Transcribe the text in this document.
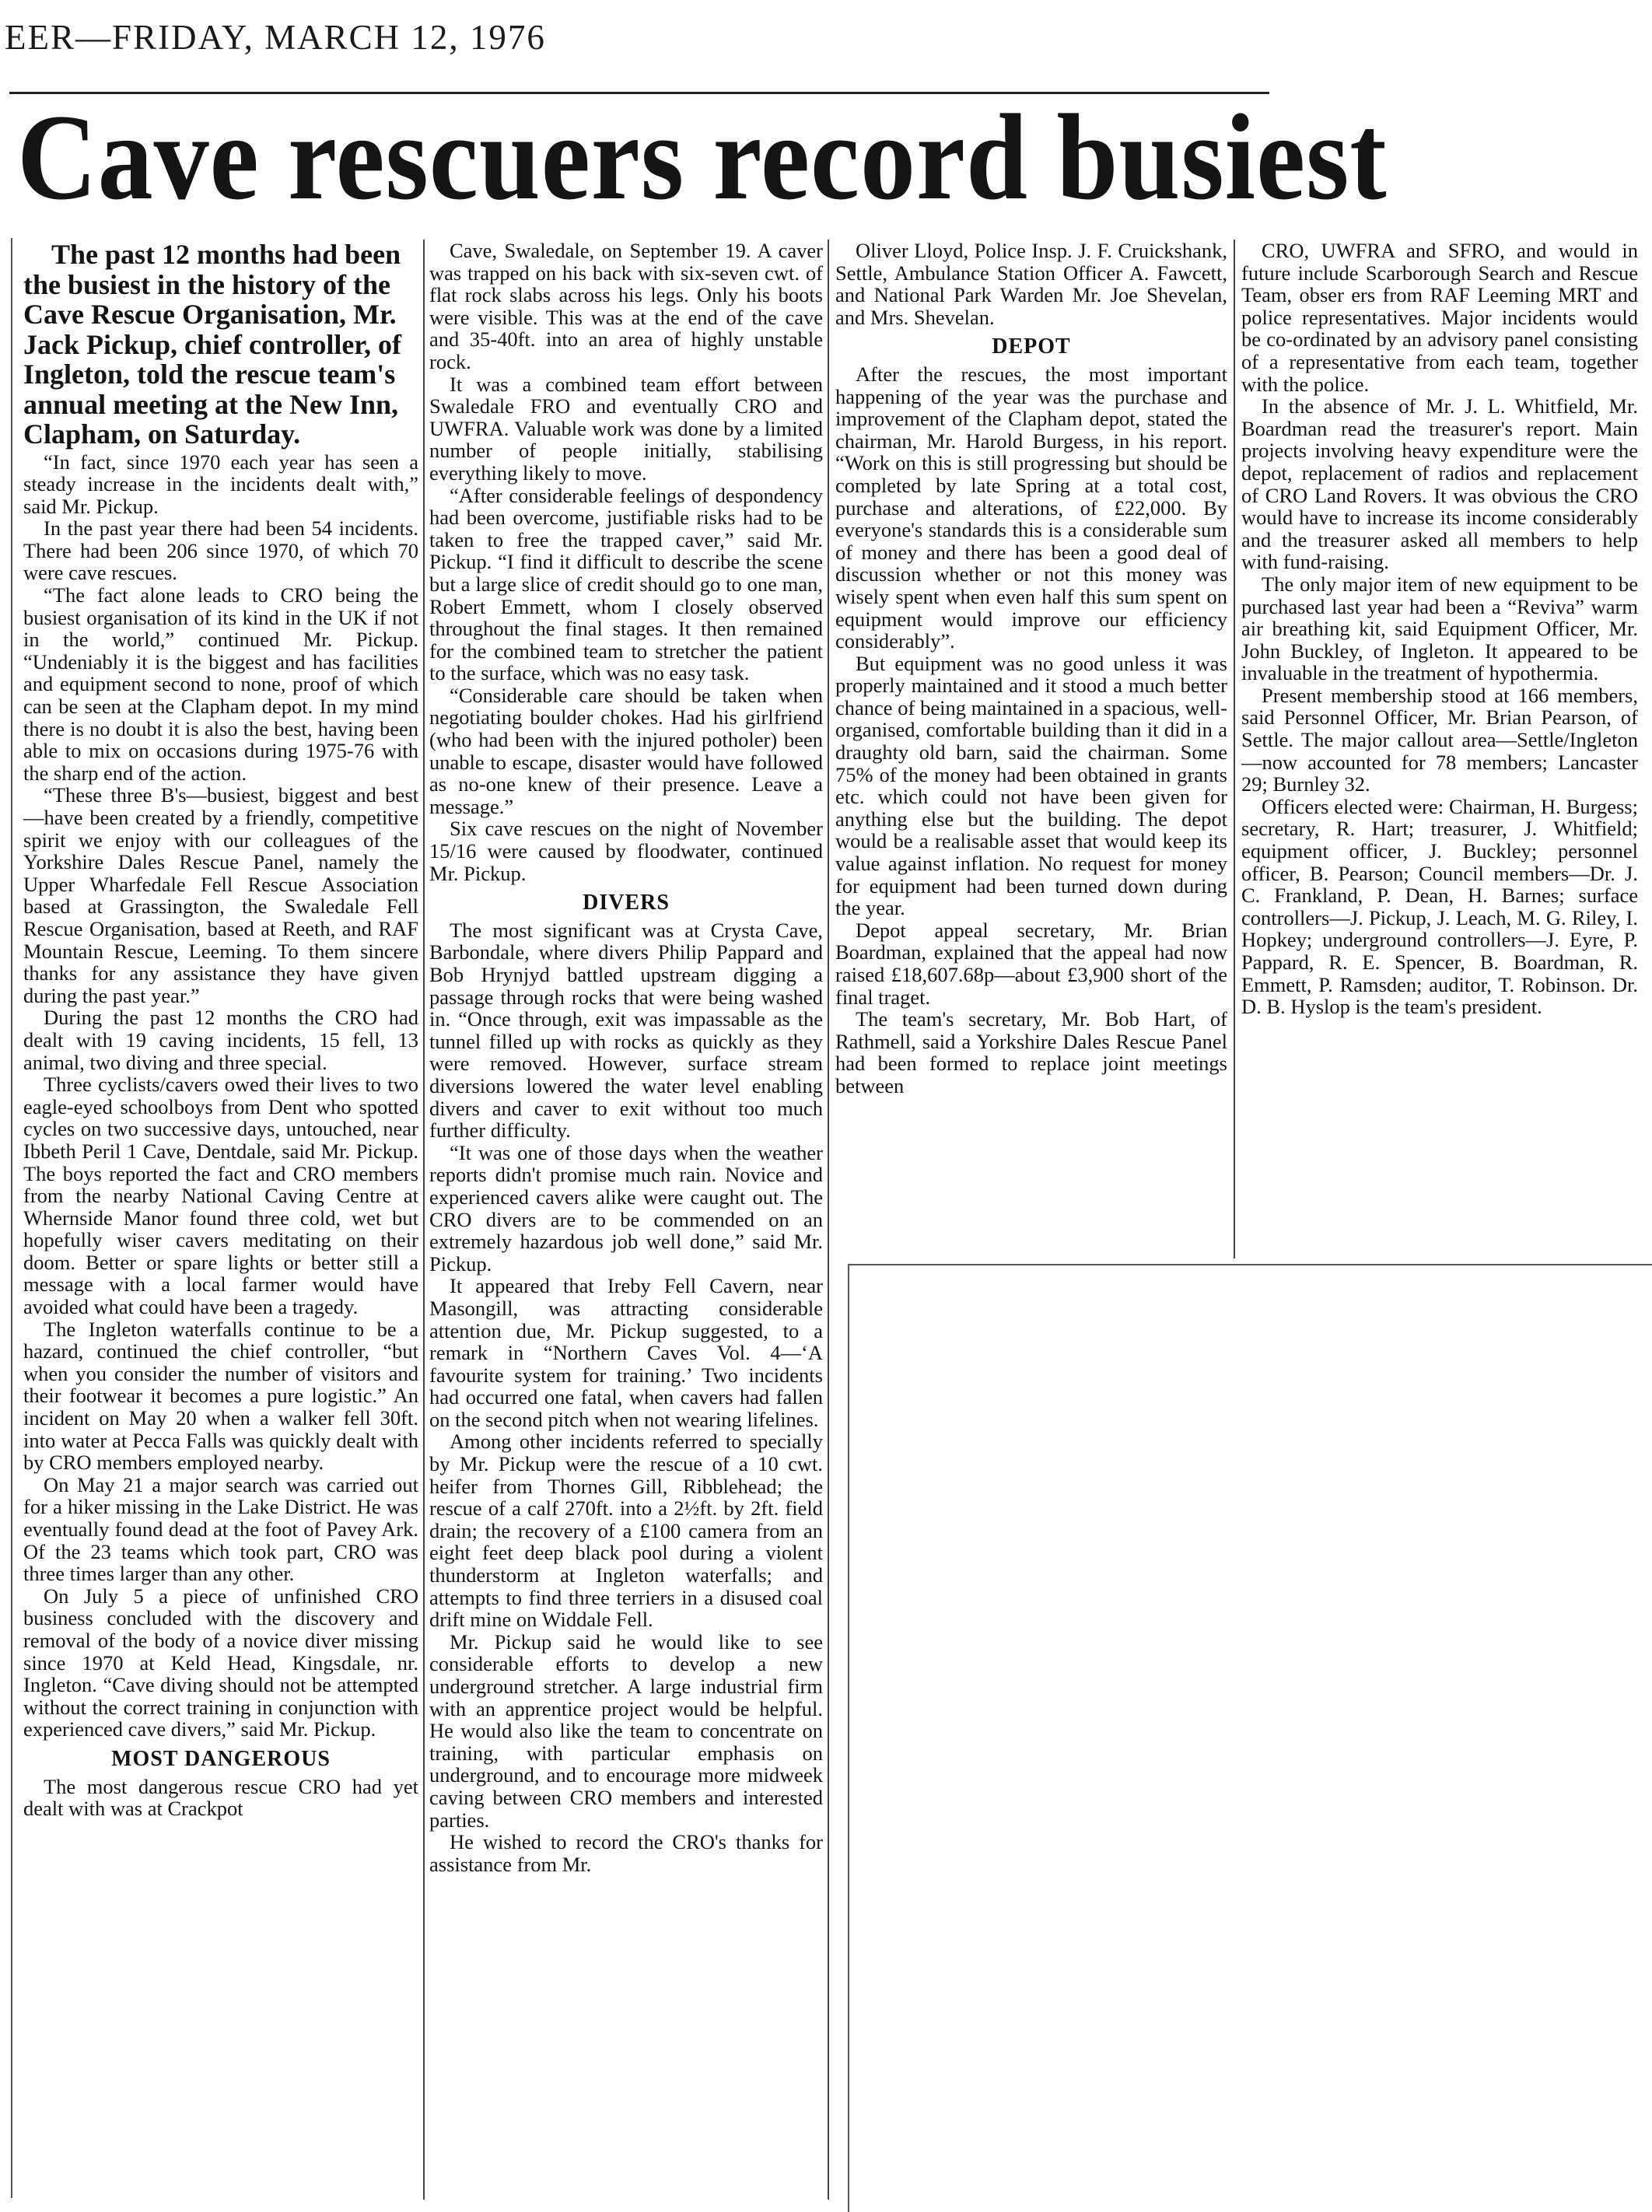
EER—FRIDAY, MARCH 12, 1976
Cave rescuers record busiest

The past 12 months had been the busiest in the history of the Cave Rescue Organisation, Mr. Jack Pickup, chief controller, of Ingleton, told the rescue team's annual meeting at the New Inn, Clapham, on Saturday.

“In fact, since 1970 each year has seen a steady increase in the incidents dealt with,” said Mr. Pickup.

In the past year there had been 54 incidents. There had been 206 since 1970, of which 70 were cave rescues.

“The fact alone leads to CRO being the busiest organisation of its kind in the UK if not in the world,” continued Mr. Pickup. “Undeniably it is the biggest and has facilities and equipment second to none, proof of which can be seen at the Clapham depot. In my mind there is no doubt it is also the best, having been able to mix on occasions during 1975-76 with the sharp end of the action.

“These three B's—busiest, biggest and best—have been created by a friendly, competitive spirit we enjoy with our colleagues of the Yorkshire Dales Rescue Panel, namely the Upper Wharfedale Fell Rescue Association based at Grassington, the Swaledale Fell Rescue Organisation, based at Reeth, and RAF Mountain Rescue, Leeming. To them sincere thanks for any assistance they have given during the past year.”

During the past 12 months the CRO had dealt with 19 caving incidents, 15 fell, 13 animal, two diving and three special.

Three cyclists/cavers owed their lives to two eagle-eyed schoolboys from Dent who spotted cycles on two successive days, untouched, near Ibbeth Peril 1 Cave, Dentdale, said Mr. Pickup. The boys reported the fact and CRO members from the nearby National Caving Centre at Whernside Manor found three cold, wet but hopefully wiser cavers meditating on their doom. Better or spare lights or better still a message with a local farmer would have avoided what could have been a tragedy.

The Ingleton waterfalls continue to be a hazard, continued the chief controller, “but when you consider the number of visitors and their footwear it becomes a pure logistic.” An incident on May 20 when a walker fell 30ft. into water at Pecca Falls was quickly dealt with by CRO members employed nearby.

On May 21 a major search was carried out for a hiker missing in the Lake District. He was eventually found dead at the foot of Pavey Ark. Of the 23 teams which took part, CRO was three times larger than any other.

On July 5 a piece of unfinished CRO business concluded with the discovery and removal of the body of a novice diver missing since 1970 at Keld Head, Kingsdale, nr. Ingleton. “Cave diving should not be attempted without the correct training in conjunction with experienced cave divers,” said Mr. Pickup.

MOST DANGEROUS

The most dangerous rescue CRO had yet dealt with was at Crackpot

Cave, Swaledale, on September 19. A caver was trapped on his back with six-seven cwt. of flat rock slabs across his legs. Only his boots were visible. This was at the end of the cave and 35-40ft. into an area of highly unstable rock.

It was a combined team effort between Swaledale FRO and eventually CRO and UWFRA. Valuable work was done by a limited number of people initially, stabilising everything likely to move.

“After considerable feelings of despondency had been overcome, justifiable risks had to be taken to free the trapped caver,” said Mr. Pickup. “I find it difficult to describe the scene but a large slice of credit should go to one man, Robert Emmett, whom I closely observed throughout the final stages. It then remained for the combined team to stretcher the patient to the surface, which was no easy task.

“Considerable care should be taken when negotiating boulder chokes. Had his girlfriend (who had been with the injured potholer) been unable to escape, disaster would have followed as no-one knew of their presence. Leave a message.”

Six cave rescues on the night of November 15/16 were caused by floodwater, continued Mr. Pickup.

DIVERS

The most significant was at Crysta Cave, Barbondale, where divers Philip Pappard and Bob Hrynjyd battled upstream digging a passage through rocks that were being washed in. “Once through, exit was impassable as the tunnel filled up with rocks as quickly as they were removed. However, surface stream diversions lowered the water level enabling divers and caver to exit without too much further difficulty.

“It was one of those days when the weather reports didn't promise much rain. Novice and experienced cavers alike were caught out. The CRO divers are to be commended on an extremely hazardous job well done,” said Mr. Pickup.

It appeared that Ireby Fell Cavern, near Masongill, was attracting considerable attention due, Mr. Pickup suggested, to a remark in “Northern Caves Vol. 4—‘A favourite system for training.’ Two incidents had occurred one fatal, when cavers had fallen on the second pitch when not wearing lifelines.

Among other incidents referred to specially by Mr. Pickup were the rescue of a 10 cwt. heifer from Thornes Gill, Ribblehead; the rescue of a calf 270ft. into a 2½ft. by 2ft. field drain; the recovery of a £100 camera from an eight feet deep black pool during a violent thunderstorm at Ingleton waterfalls; and attempts to find three terriers in a disused coal drift mine on Widdale Fell.

Mr. Pickup said he would like to see considerable efforts to develop a new underground stretcher. A large industrial firm with an apprentice project would be helpful. He would also like the team to concentrate on training, with particular emphasis on underground, and to encourage more midweek caving between CRO members and interested parties.

He wished to record the CRO's thanks for assistance from Mr.

Oliver Lloyd, Police Insp. J. F. Cruickshank, Settle, Ambulance Station Officer A. Fawcett, and National Park Warden Mr. Joe Shevelan, and Mrs. Shevelan.

DEPOT

After the rescues, the most important happening of the year was the purchase and improvement of the Clapham depot, stated the chairman, Mr. Harold Burgess, in his report. “Work on this is still progressing but should be completed by late Spring at a total cost, purchase and alterations, of £22,000. By everyone's standards this is a considerable sum of money and there has been a good deal of discussion whether or not this money was wisely spent when even half this sum spent on equipment would improve our efficiency considerably”.

But equipment was no good unless it was properly maintained and it stood a much better chance of being maintained in a spacious, well-organised, comfortable building than it did in a draughty old barn, said the chairman. Some 75% of the money had been obtained in grants etc. which could not have been given for anything else but the building. The depot would be a realisable asset that would keep its value against inflation. No request for money for equipment had been turned down during the year.

Depot appeal secretary, Mr. Brian Boardman, explained that the appeal had now raised £18,607.68p—about £3,900 short of the final traget.

The team's secretary, Mr. Bob Hart, of Rathmell, said a Yorkshire Dales Rescue Panel had been formed to replace joint meetings between

CRO, UWFRA and SFRO, and would in future include Scarborough Search and Rescue Team, obser ers from RAF Leeming MRT and police representatives. Major incidents would be co-ordinated by an advisory panel consisting of a representative from each team, together with the police.

In the absence of Mr. J. L. Whitfield, Mr. Boardman read the treasurer's report. Main projects involving heavy expenditure were the depot, replacement of radios and replacement of CRO Land Rovers. It was obvious the CRO would have to increase its income considerably and the treasurer asked all members to help with fund-raising.

The only major item of new equipment to be purchased last year had been a “Reviva” warm air breathing kit, said Equipment Officer, Mr. John Buckley, of Ingleton. It appeared to be invaluable in the treatment of hypothermia.

Present membership stood at 166 members, said Personnel Officer, Mr. Brian Pearson, of Settle. The major callout area—Settle/Ingleton—now accounted for 78 members; Lancaster 29; Burnley 32.

Officers elected were: Chairman, H. Burgess; secretary, R. Hart; treasurer, J. Whitfield; equipment officer, J. Buckley; personnel officer, B. Pearson; Council members—Dr. J. C. Frankland, P. Dean, H. Barnes; surface controllers—J. Pickup, J. Leach, M. G. Riley, I. Hopkey; underground controllers—J. Eyre, P. Pappard, R. E. Spencer, B. Boardman, R. Emmett, P. Ramsden; auditor, T. Robinson. Dr. D. B. Hyslop is the team's president.
